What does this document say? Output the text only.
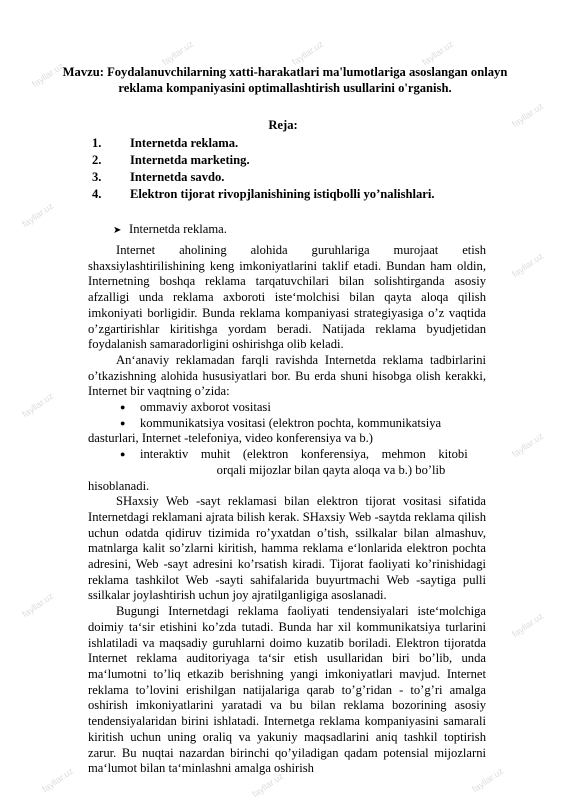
fayllar.uz
fayllar.uz	fayllar.uz	fayllar.uz
fayllar.uz
fayllar.uz
fayllar.uz
fayllar.uz
fayllar.uz
fayllar.uz
fayllar.uz
fayllar.uz	fayllar.uz	fayllar.uz
Mavzu: Foydalanuvchilarning xatti-harakatlari ma'lumotlariga asoslangan onlayn reklama kompaniyasini optimallashtirish usullarini o'rganish.
Reja:
1. Internetda reklama.
2. Internetda marketing.
3. Internetda savdo.
4. Elektron tijorat rivopjlanishining istiqbolli yo’nalishlari.
➤ Internetda reklama.

Internet aholining alohida guruhlariga murojaat etish shaxsiylashtirilishining keng imkoniyatlarini taklif etadi. Bundan ham oldin, Internetning boshqa reklama tarqatuvchilari bilan solishtirganda asosiy afzalligi unda reklama axboroti iste‘molchisi bilan qayta aloqa qilish imkoniyati borligidir. Bunda reklama kompaniyasi strategiyasiga o’z vaqtida o’zgartirishlar kiritishga yordam beradi. Natijada reklama byudjetidan foydalanish samaradorligini oshirishga olib keladi.

An‘anaviy reklamadan farqli ravishda Internetda reklama tadbirlarini o’tkazishning alohida hususiyatlari bor. Bu erda shuni hisobga olish kerakki, Internet bir vaqtning o’zida:

● ommaviy axborot vositasi

● kommunikatsiya vositasi (elektron pochta, kommunikatsiya

dasturlari, Internet -telefoniya, video konferensiya va b.)

● interaktiv    muhit    (elektron    konferensiya,    mehmon    kitobi

orqali mijozlar bilan qayta aloqa va b.) bo’lib

hisoblanadi.

SHaxsiy Web -sayt reklamasi bilan elektron tijorat vositasi sifatida Internetdagi reklamani ajrata bilish kerak. SHaxsiy Web -saytda reklama qilish uchun odatda qidiruv tizimida ro’yxatdan o’tish, ssilkalar bilan almashuv, matnlarga kalit so’zlarni kiritish, hamma reklama e‘lonlarida elektron pochta adresini, Web -sayt adresini ko’rsatish kiradi. Tijorat faoliyati ko’rinishidagi reklama tashkilot Web -sayti sahifalarida buyurtmachi Web -saytiga pulli ssilkalar joylashtirish uchun joy ajratilganligiga asoslanadi.

Bugungi Internetdagi reklama faoliyati tendensiyalari iste‘molchiga doimiy ta‘sir etishini ko’zda tutadi. Bunda har xil kommunikatsiya turlarini ishlatiladi va maqsadiy guruhlarni doimo kuzatib boriladi. Elektron tijoratda Internet reklama auditoriyaga ta‘sir etish usullaridan biri bo’lib, unda ma‘lumotni to’liq etkazib berishning yangi imkoniyatlari mavjud. Internet reklama to’lovini erishilgan natijalariga qarab to’g’ridan - to’g’ri amalga oshirish imkoniyatlarini yaratadi va bu bilan reklama bozorining asosiy tendensiyalaridan birini ishlatadi. Internetga reklama kompaniyasini samarali kiritish uchun uning oraliq va yakuniy maqsadlarini aniq tashkil toptirish zarur. Bu nuqtai nazardan birinchi qo’yiladigan qadam potensial mijozlarni ma‘lumot bilan ta‘minlashni amalga oshirish
